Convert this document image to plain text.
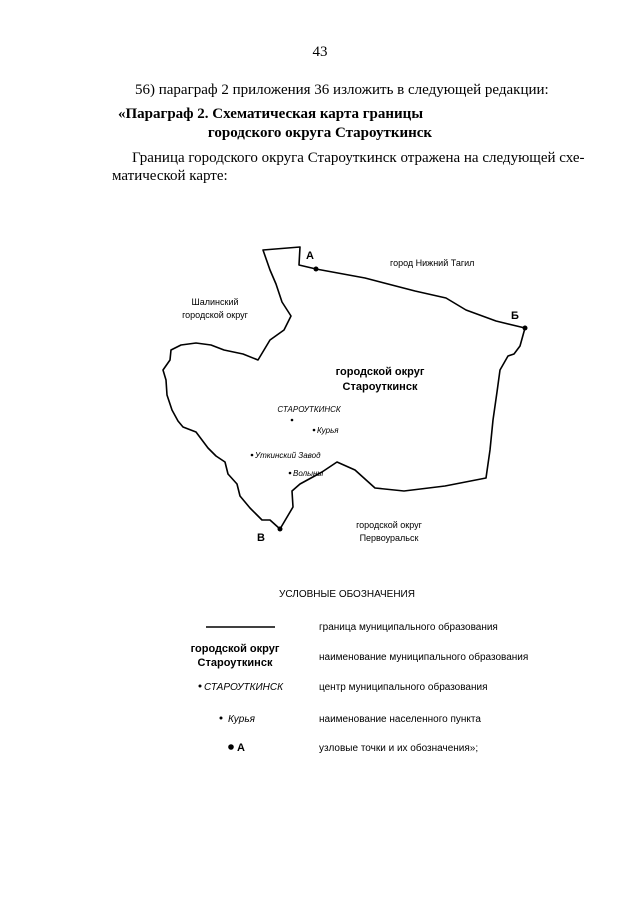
43
56) параграф 2 приложения 36 изложить в следующей редакции:
«Параграф 2. Схематическая карта границы
городского округа Староуткинск
Граница городского округа Староуткинск отражена на следующей схе-
матической карте:
А
Б
В
город Нижний Тагил
Шалинский
городской округ
городской округ
Первоуральск
городской округ
Староуткинск
СТАРОУТКИНСК
Курья
Уткинский Завод
Волыны
УСЛОВНЫЕ ОБОЗНАЧЕНИЯ
граница муниципального образования
городской округ
Староуткинск	наименование муниципального образования
СТАРОУТКИНСК	центр муниципального образования
Курья	наименование населенного пункта
А	узловые точки и их обозначения»;
